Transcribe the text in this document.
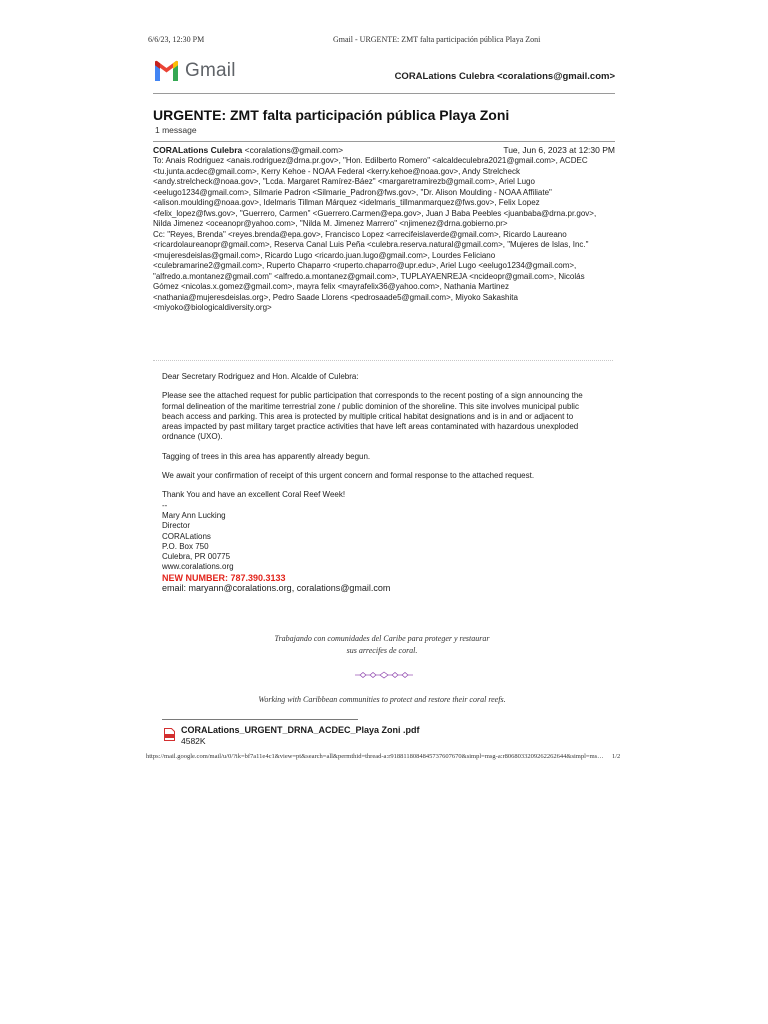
6/6/23, 12:30 PM	Gmail - URGENTE: ZMT falta participación pública Playa Zoni
Gmail	CORALations Culebra <coralations@gmail.com>
URGENTE: ZMT falta participación pública Playa Zoni
1 message
CORALations Culebra <coralations@gmail.com>	Tue, Jun 6, 2023 at 12:30 PM
To: Anais Rodriguez <anais.rodriguez@drna.pr.gov>, "Hon. Edilberto Romero" <alcaldeculebra2021@gmail.com>, ACDEC
<tu.junta.acdec@gmail.com>, Kerry Kehoe - NOAA Federal <kerry.kehoe@noaa.gov>, Andy Strelcheck
<andy.strelcheck@noaa.gov>, "Lcda. Margaret Ramírez-Báez" <margaretramirezb@gmail.com>, Ariel Lugo
<eelugo1234@gmail.com>, Silmarie Padron <Silmarie_Padron@fws.gov>, "Dr. Alison Moulding - NOAA Affiliate"
<alison.moulding@noaa.gov>, Idelmaris Tillman Márquez <idelmaris_tillmanmarquez@fws.gov>, Felix Lopez
<felix_lopez@fws.gov>, "Guerrero, Carmen" <Guerrero.Carmen@epa.gov>, Juan J Baba Peebles <juanbaba@drna.pr.gov>,
Nilda Jimenez <oceanopr@yahoo.com>, "Nilda M. Jimenez Marrero" <njimenez@drna.gobierno.pr>
Cc: "Reyes, Brenda" <reyes.brenda@epa.gov>, Francisco Lopez <arrecifeislaverde@gmail.com>, Ricardo Laureano
<ricardolaureanopr@gmail.com>, Reserva Canal Luis Peña <culebra.reserva.natural@gmail.com>, "Mujeres de Islas, Inc."
<mujeresdeislas@gmail.com>, Ricardo Lugo <ricardo.juan.lugo@gmail.com>, Lourdes Feliciano
<culebramarine2@gmail.com>, Ruperto Chaparro <ruperto.chaparro@upr.edu>, Ariel Lugo <eelugo1234@gmail.com>,
"alfredo.a.montanez@gmail.com" <alfredo.a.montanez@gmail.com>, TUPLAYAENREJA <ncideopr@gmail.com>, Nicolás
Gómez <nicolas.x.gomez@gmail.com>, mayra felix <mayrafelix36@yahoo.com>, Nathania Martinez
<nathania@mujeresdeislas.org>, Pedro Saade Llorens <pedrosaade5@gmail.com>, Miyoko Sakashita
<miyoko@biologicaldiversity.org>

Dear Secretary Rodriguez and Hon. Alcalde of Culebra:

Please see the attached request for public participation that corresponds to the recent posting of a sign announcing the
formal delineation of the maritime terrestrial zone / public dominion of the shoreline. This site involves municipal public
beach access and parking. This area is protected by multiple critical habitat designations and is in and or adjacent to
areas impacted by past military target practice activities that have left areas contaminated with hazardous unexploded
ordnance (UXO).

Tagging of trees in this area has apparently already begun.

We await your confirmation of receipt of this urgent concern and formal response to the attached request.

Thank You and have an excellent Coral Reef Week!

--
Mary Ann Lucking
Director
CORALations
P.O. Box 750
Culebra, PR 00775
www.coralations.org
NEW NUMBER: 787.390.3133
email: maryann@coralations.org, coralations@gmail.com
Trabajando con comunidades del Caribe para proteger y restaurar
sus arrecifes de coral.
Working with Caribbean communities to protect and restore their coral reefs.
CORALations_URGENT_DRNA_ACDEC_Playa Zoni .pdf
4582K
https://mail.google.com/mail/u/0/?ik=bf7a11e4c1&view=pt&search=all&permthid=thread-a:r9188118084845737607670&simpl=msg-a:r8068033209262262644&simpl=ms… 1/2
